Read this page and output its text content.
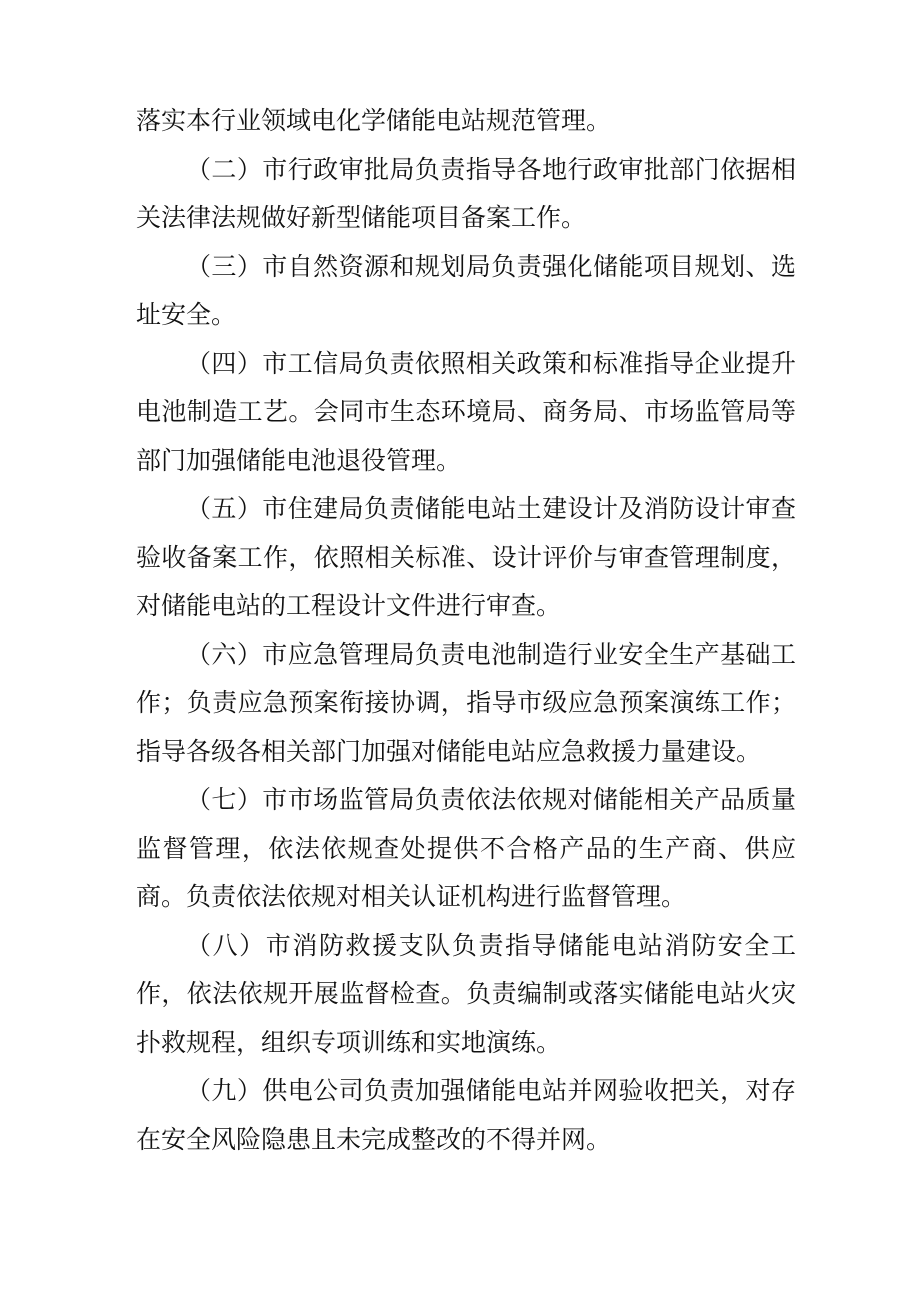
落实本行业领域电化学储能电站规范管理。

（二）市行政审批局负责指导各地行政审批部门依据相关法律法规做好新型储能项目备案工作。

（三）市自然资源和规划局负责强化储能项目规划、选址安全。

（四）市工信局负责依照相关政策和标准指导企业提升电池制造工艺。会同市生态环境局、商务局、市场监管局等部门加强储能电池退役管理。

（五）市住建局负责储能电站土建设计及消防设计审查验收备案工作，依照相关标准、设计评价与审查管理制度，对储能电站的工程设计文件进行审查。

（六）市应急管理局负责电池制造行业安全生产基础工作；负责应急预案衔接协调，指导市级应急预案演练工作；指导各级各相关部门加强对储能电站应急救援力量建设。

（七）市市场监管局负责依法依规对储能相关产品质量监督管理，依法依规查处提供不合格产品的生产商、供应商。负责依法依规对相关认证机构进行监督管理。

（八）市消防救援支队负责指导储能电站消防安全工作，依法依规开展监督检查。负责编制或落实储能电站火灾扑救规程，组织专项训练和实地演练。

（九）供电公司负责加强储能电站并网验收把关，对存在安全风险隐患且未完成整改的不得并网。
